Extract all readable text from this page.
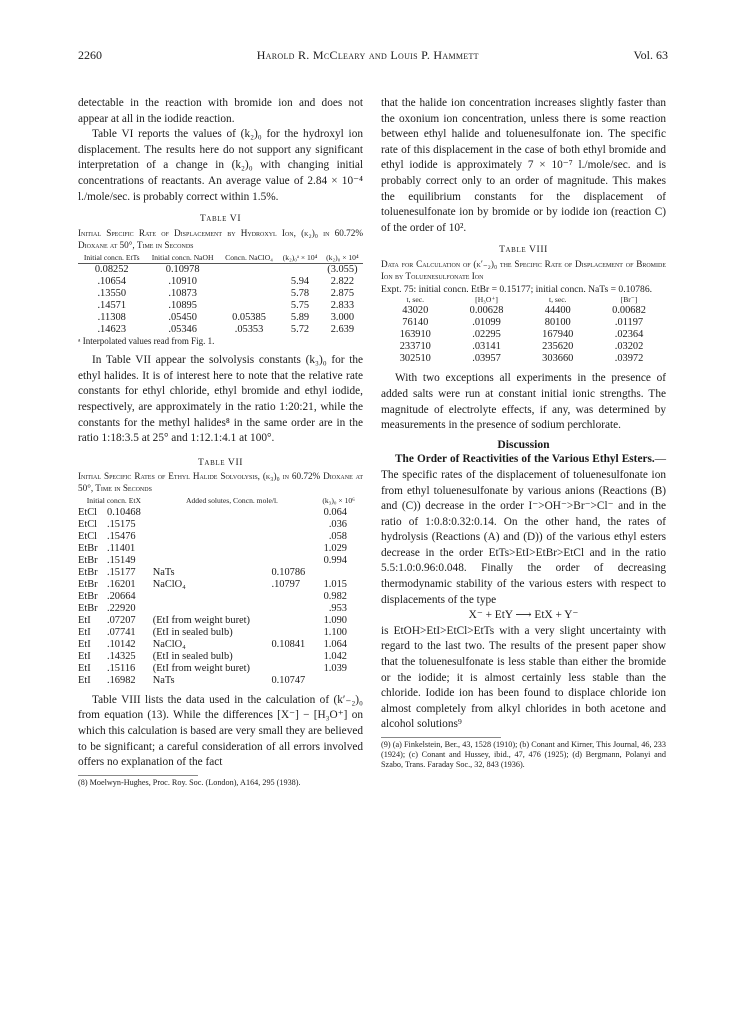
2260	Harold R. McCleary and Louis P. Hammett	Vol. 63

detectable in the reaction with bromide ion and does not appear at all in the iodide reaction.

Table VI reports the values of (k₂)₀ for the hydroxyl ion displacement. The results here do not support any significant interpretation of a change in (k₂)₀ with changing initial concentrations of reactants. An average value of 2.84 × 10⁻⁴ l./mole/sec. is probably correct within 1.5%.

Table VI
Initial Specific Rate of Displacement by Hydroxyl Ion, (k₂)₀ in 60.72% Dioxane at 50°, Time in Seconds
Initial concn. EtTs	Initial concn. NaOH	Concn. NaClO₄	(k₂)₀ᵃ × 10⁴	(k₂)₀ × 10⁴
0.08252	0.10978			(3.055)
.10654	.10910		5.94	2.822
.13550	.10873		5.78	2.875
.14571	.10895		5.75	2.833
.11308	.05450	0.05385	5.89	3.000
.14623	.05346	.05353	5.72	2.639
ᵃ Interpolated values read from Fig. 1.

In Table VII appear the solvolysis constants (k₃)₀ for the ethyl halides. It is of interest here to note that the relative rate constants for ethyl chloride, ethyl bromide and ethyl iodide, respectively, are approximately in the ratio 1:20:21, while the constants for the methyl halides⁸ in the same order are in the ratio 1:18:3.5 at 25° and 1:12.1:4.1 at 100°.

Table VII
Initial Specific Rates of Ethyl Halide Solvolysis, (k₃)₀ in 60.72% Dioxane at 50°, Time in Seconds
Initial concn. EtX		Added solutes, Concn. mole/l.		(k₃)₀ × 10⁶
EtCl	0.10468			0.064
EtCl	.15175			.036
EtCl	.15476			.058
EtBr	.11401			1.029
EtBr	.15149			0.994
EtBr	.15177	NaTs	0.10786	
EtBr	.16201	NaClO₄	.10797	1.015
EtBr	.20664			0.982
EtBr	.22920			.953
EtI	.07207	(EtI from weight buret)		1.090
EtI	.07741	(EtI in sealed bulb)		1.100
EtI	.10142	NaClO₄	0.10841	1.064
EtI	.14325	(EtI in sealed bulb)		1.042
EtI	.15116	(EtI from weight buret)		1.039
EtI	.16982	NaTs	0.10747	

Table VIII lists the data used in the calculation of (k′₋₂)₀ from equation (13). While the differences [X⁻] − [H₃O⁺] on which this calculation is based are very small they are believed to be significant; a careful consideration of all errors involved offers no explanation of the fact

(8) Moelwyn-Hughes, Proc. Roy. Soc. (London), A164, 295 (1938).

that the halide ion concentration increases slightly faster than the oxonium ion concentration, unless there is some reaction between ethyl halide and toluenesulfonate ion. The specific rate of this displacement in the case of both ethyl bromide and ethyl iodide is approximately 7 × 10⁻⁷ l./mole/sec. and is probably correct only to an order of magnitude. This makes the equilibrium constants for the displacement of toluenesulfonate ion by bromide or by iodide ion (reaction C) of the order of 10².

Table VIII
Data for Calculation of (k′₋₂)₀ the Specific Rate of Displacement of Bromide Ion by Toluenesulfonate Ion
Expt. 75: initial concn. EtBr = 0.15177; initial concn. NaTs = 0.10786.
t, sec.	[H₃O⁺]	t, sec.	[Br⁻]
43020	0.00628	44400	0.00682
76140	.01099	80100	.01197
163910	.02295	167940	.02364
233710	.03141	235620	.03202
302510	.03957	303660	.03972

With two exceptions all experiments in the presence of added salts were run at constant initial ionic strengths. The magnitude of electrolyte effects, if any, was determined by measurements in the presence of sodium perchlorate.

Discussion

The Order of Reactivities of the Various Ethyl Esters.—The specific rates of the displacement of toluenesulfonate ion from ethyl toluenesulfonate by various anions (Reactions (B) and (C)) decrease in the order I⁻>OH⁻>Br⁻>Cl⁻ and in the ratio of 1:0.8:0.32:0.14. On the other hand, the rates of hydrolysis (Reactions (A) and (D)) of the various ethyl esters decrease in the order EtTs>EtI>EtBr>EtCl and in the ratio 5.5:1.0:0.96:0.048. Finally the order of decreasing thermodynamic stability of the various esters with respect to displacements of the type

X⁻ + EtY ⟶ EtX + Y⁻

is EtOH>EtI>EtCl>EtTs with a very slight uncertainty with regard to the last two. The results of the present paper show that the toluenesulfonate is less stable than either the bromide or the iodide; it is almost certainly less stable than the chloride. Iodide ion has been found to displace chloride ion almost completely from alkyl chlorides in both acetone and alcohol solutions⁹

(9) (a) Finkelstein, Ber., 43, 1528 (1910); (b) Conant and Kirner, This Journal, 46, 233 (1924); (c) Conant and Hussey, ibid., 47, 476 (1925); (d) Bergmann, Polanyi and Szabo, Trans. Faraday Soc., 32, 843 (1936).
